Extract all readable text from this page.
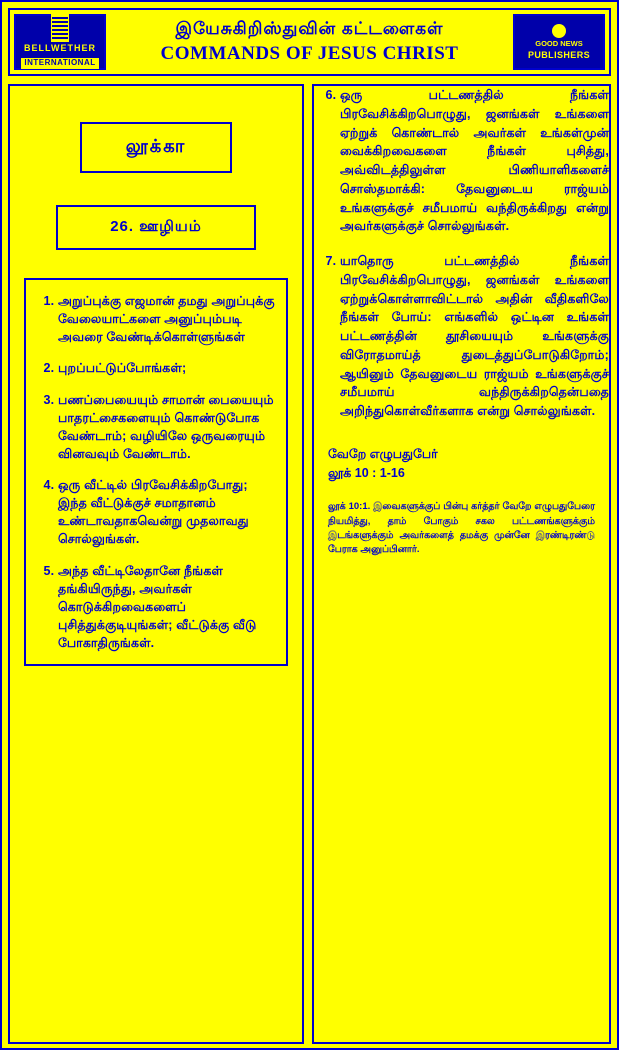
BELLWETHER
INTERNATIONAL
இயேசுகிறிஸ்துவின் கட்டளைகள்
COMMANDS OF JESUS CHRIST	GOOD NEWS
PUBLISHERS
லூக்கா
26. ஊழியம்
1. அறுப்புக்கு எஜமான் தமது அறுப்புக்கு வேலையாட்களை அனுப்பும்படி அவரை வேண்டிக்கொள்ளுங்கள்
2. புறப்பட்டுப்போங்கள்;
3. பணப்பையையும் சாமான் பையையும் பாதரட்சைகளையும் கொண்டுபோக வேண்டாம்; வழியிலே ஒருவரையும் வினவவும் வேண்டாம்.
4. ஒரு வீட்டில் பிரவேசிக்கிறபோது; இந்த வீட்டுக்குச் சமாதானம் உண்டாவதாகவென்று முதலாவது சொல்லுங்கள்.
5. அந்த வீட்டிலேதானே நீங்கள் தங்கியிருந்து, அவர்கள் கொடுக்கிறவைகளைப் புசித்துக்குடியுங்கள்; வீட்டுக்கு வீடு போகாதிருங்கள்.
6. ஒரு பட்டணத்தில் நீங்கள் பிரவேசிக்கிறபொழுது, ஜனங்கள் உங்களை ஏற்றுக் கொண்டால் அவர்கள் உங்கள்முன் வைக்கிறவைகளை நீங்கள் புசித்து, அவ்விடத்திலுள்ள பிணியாளிகளைச் சொஸ்தமாக்கி: தேவனுடைய ராஜ்யம் உங்களுக்குச் சமீபமாய் வந்திருக்கிறது என்று அவர்களுக்குச் சொல்லுங்கள்.
7. யாதொரு பட்டணத்தில் நீங்கள் பிரவேசிக்கிறபொழுது, ஜனங்கள் உங்களை ஏற்றுக்கொள்ளாவிட்டால் அதின் வீதிகளிலே நீங்கள் போய்: எங்களில் ஒட்டின உங்கள் பட்டணத்தின் தூசியையும் உங்களுக்கு விரோதமாய்த் துடைத்துப்போடுகிறோம்; ஆயினும் தேவனுடைய ராஜ்யம் உங்களுக்குச் சமீபமாய் வந்திருக்கிறதென்பதை அறிந்துகொள்வீர்களாக என்று சொல்லுங்கள்.
வேறே எழுபதுபேர்
லூக் 10 : 1-16
லூக் 10:1. இவைகளுக்குப் பின்பு கர்த்தர் வேறே எழுபதுபேரை நியமித்து, தாம் போகும் சகல பட்டணங்களுக்கும் இடங்களுக்கும் அவர்களைத் தமக்கு முன்னே இரண்டிரண்டு பேராக அனுப்பினார்.
